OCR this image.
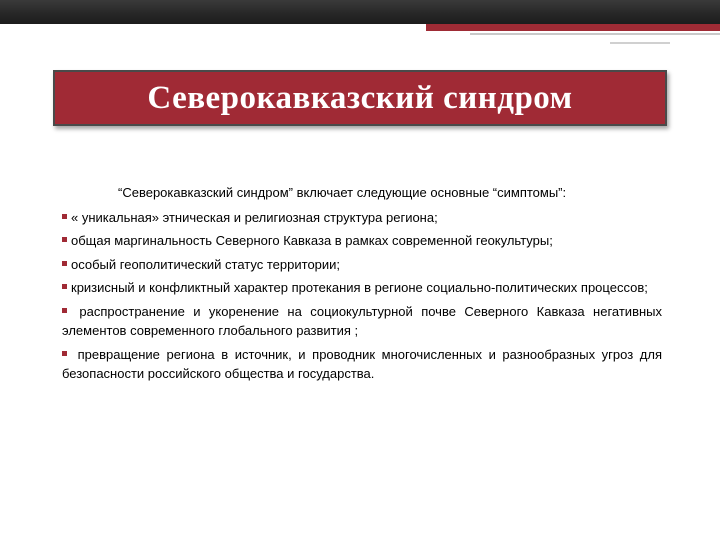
Северокавказский синдром

“Северокавказский синдром” включает следующие основные “симптомы”:

« уникальная» этническая и религиозная структура региона;

общая маргинальность Северного Кавказа в рамках современной геокультуры;

особый геополитический статус территории;

кризисный и конфликтный характер протекания в регионе социально-политических процессов;

распространение и укоренение на социокультурной почве Северного Кавказа негативных элементов современного глобального развития ;

превращение региона в источник, и проводник многочисленных и разнообразных угроз для безопасности российского общества и государства.
